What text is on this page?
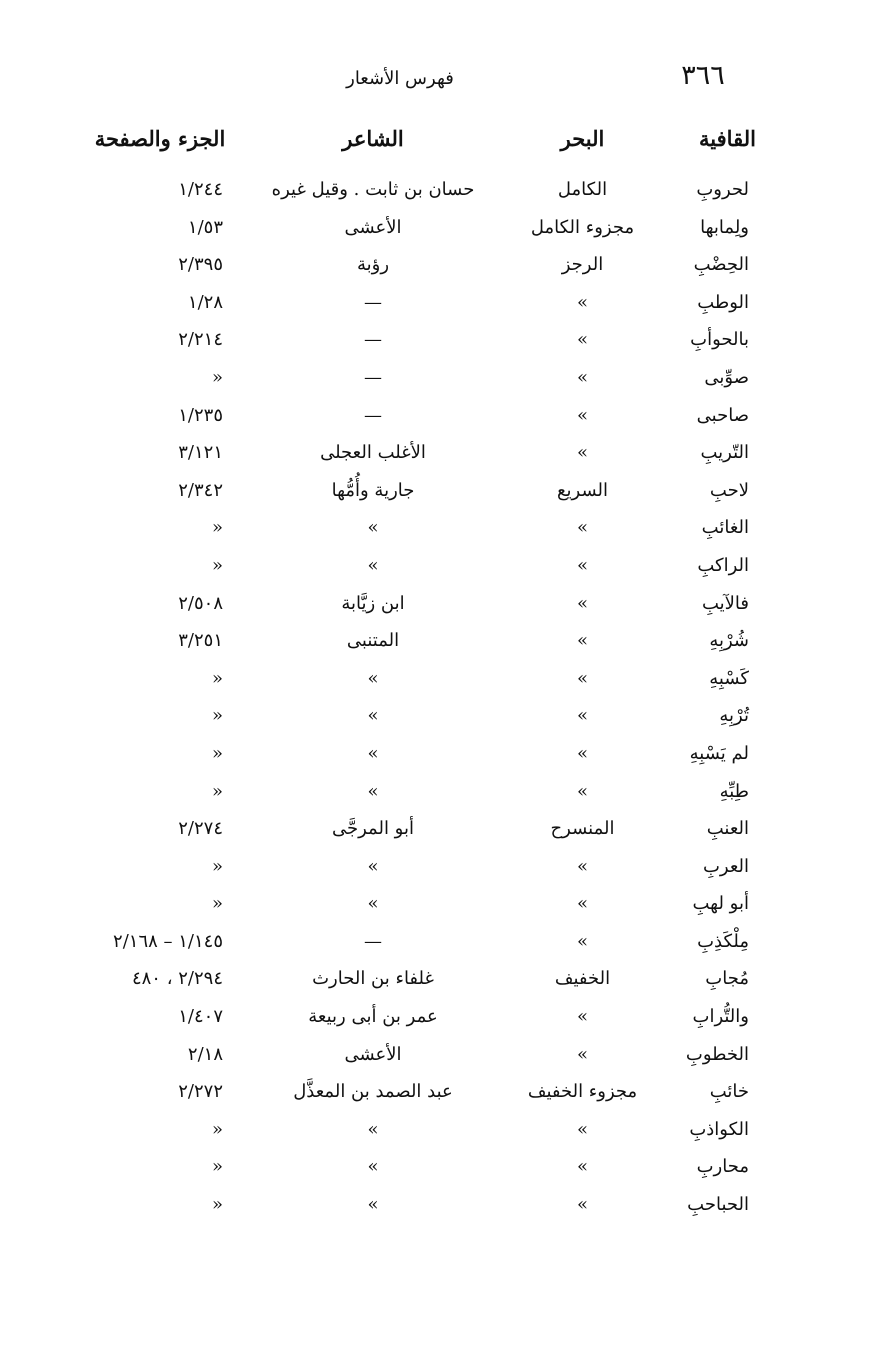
٣٦٦
فهرس الأشعار
القافية
البحر
الشاعر
الجزء والصفحة
لحروبِ
الكامل
حسان بن ثابت . وقيل غيره
١/٢٤٤
ولِمابها
مجزوء الكامل
الأعشى
١/٥٣
الحِضْبِ
الرجز
رؤبة
٢/٣٩٥
الوطبِ
»
—
١/٢٨
بالحوأبِ
»
—
٢/٢١٤
صوِّبى
»
—
»
صاحبى
»
—
١/٢٣٥
التّريبِ
»
الأغلب العجلى
٣/١٢١
لاحبِ
السريع
جارية وأُمُّها
٢/٣٤٢
الغائبِ
»
»
»
الراكبِ
»
»
»
فالآيبِ
»
ابن زيَّابة
٢/٥٠٨
شُرْبِهِ
»
المتنبى
٣/٢٥١
كَسْبِهِ
»
»
»
تُرْبِهِ
»
»
»
لم يَسْبِهِ
»
»
»
طِبِّهِ
»
»
»
العنبِ
المنسرح
أبو المرجَّى
٢/٢٧٤
العربِ
»
»
»
أبو لهبِ
»
»
»
مِلْكَذِبِ
»
—
١/١٤٥ – ٢/١٦٨
مُجابِ
الخفيف
غلفاء بن الحارث
٢/٢٩٤ ، ٤٨٠
والتُّرابِ
»
عمر بن أبى ربيعة
١/٤٠٧
الخطوبِ
»
الأعشى
٢/١٨
خائبِ
مجزوء الخفيف
عبد الصمد بن المعذَّل
٢/٢٧٢
الكواذبِ
»
»
»
محاربِ
»
»
»
الحباحبِ
»
»
»
